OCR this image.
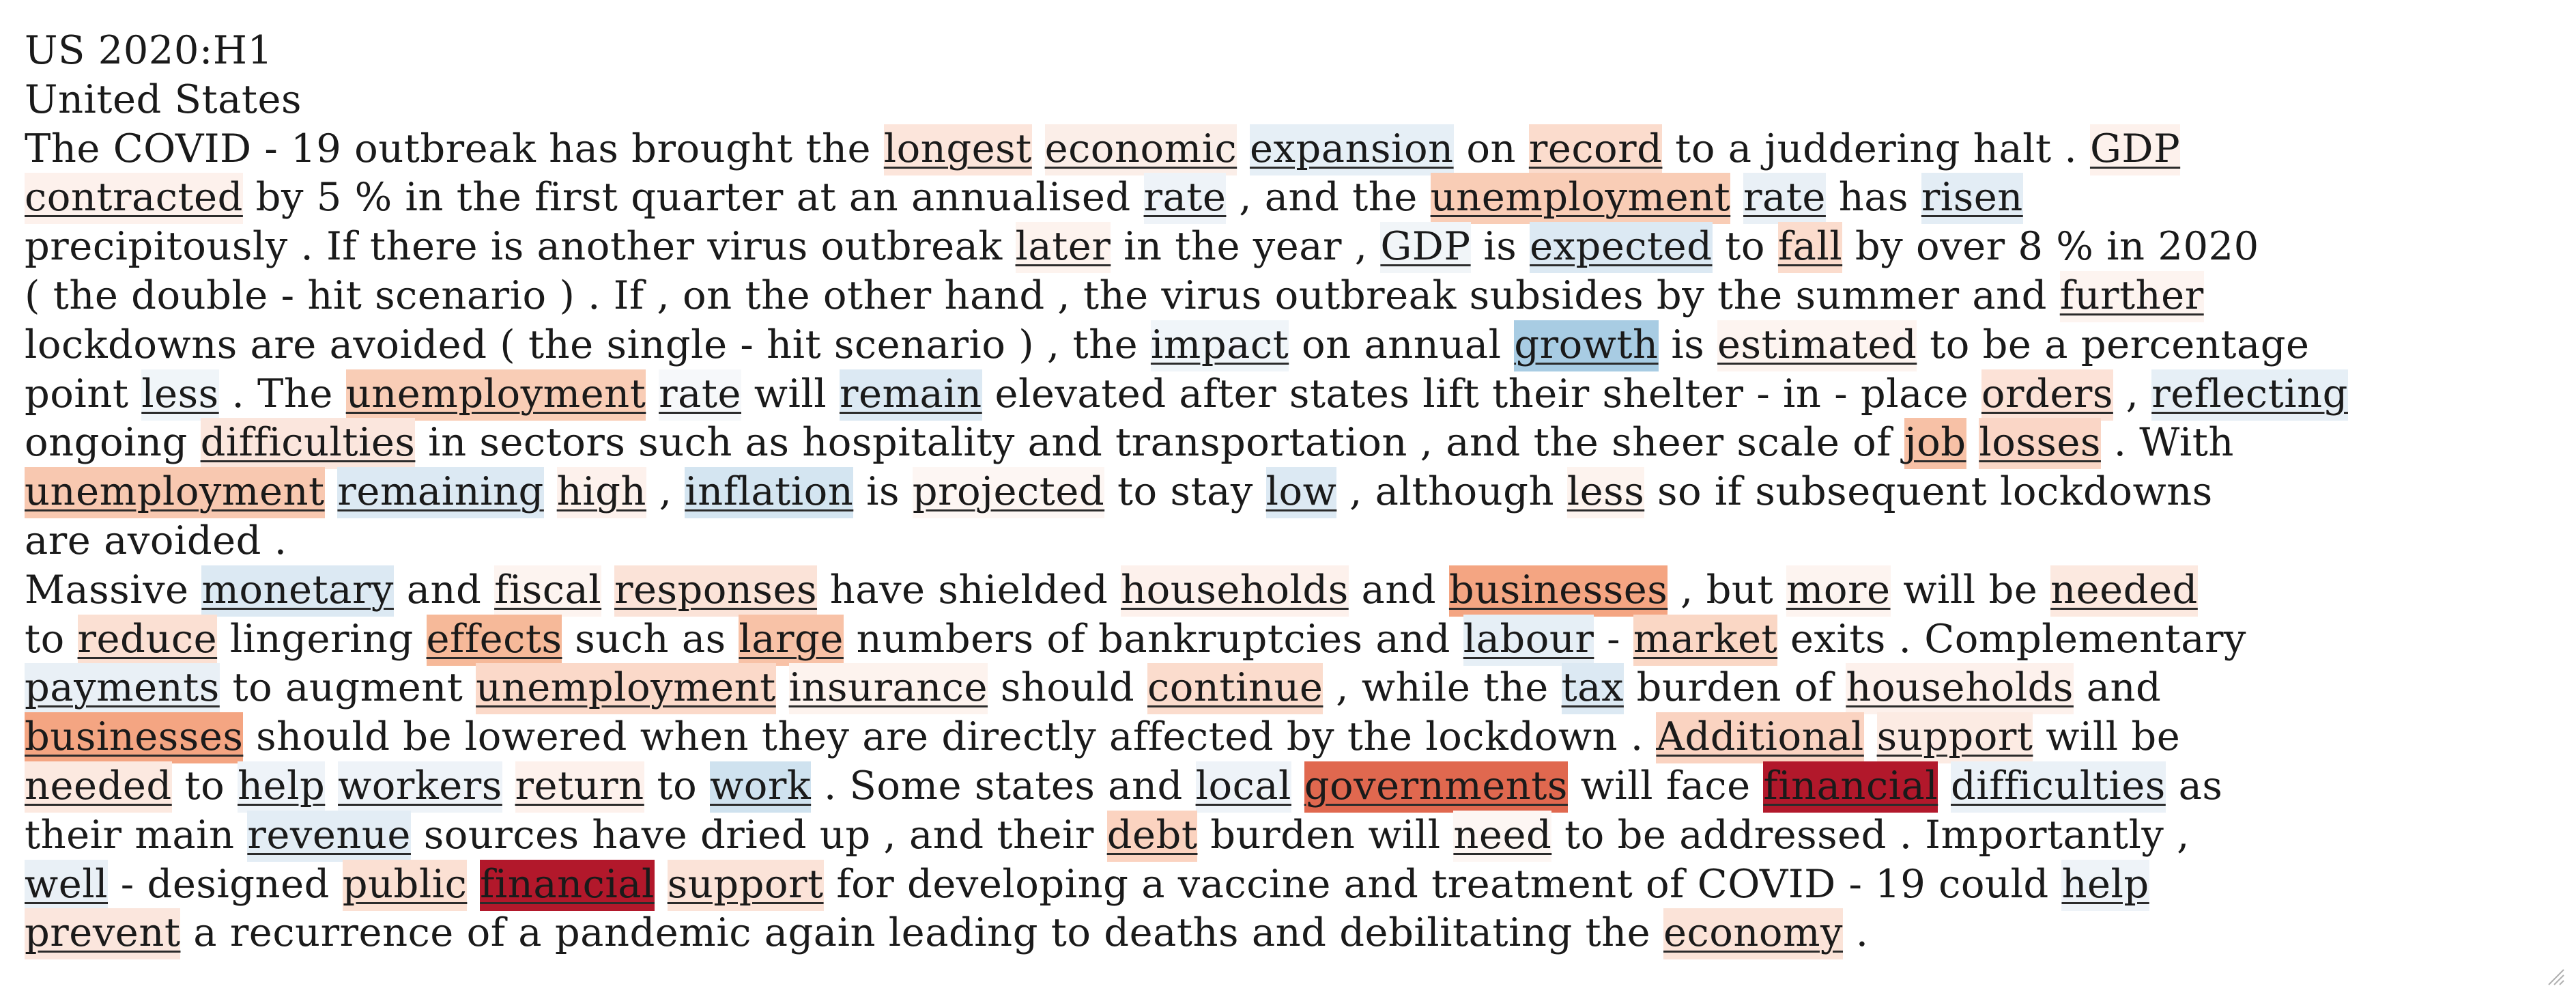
US 2020:H1
United States
The COVID - 19 outbreak has brought the longest economic expansion on record to a juddering halt . GDP
contracted by 5 % in the first quarter at an annualised rate , and the unemployment rate has risen
precipitously . If there is another virus outbreak later in the year , GDP is expected to fall by over 8 % in 2020
( the double - hit scenario ) . If , on the other hand , the virus outbreak subsides by the summer and further
lockdowns are avoided ( the single - hit scenario ) , the impact on annual growth is estimated to be a percentage
point less . The unemployment rate will remain elevated after states lift their shelter - in - place orders , reflecting
ongoing difficulties in sectors such as hospitality and transportation , and the sheer scale of job losses . With
unemployment remaining high , inflation is projected to stay low , although less so if subsequent lockdowns
are avoided .
Massive monetary and fiscal responses have shielded households and businesses , but more will be needed
to reduce lingering effects such as large numbers of bankruptcies and labour - market exits . Complementary
payments to augment unemployment insurance should continue , while the tax burden of households and
businesses should be lowered when they are directly affected by the lockdown . Additional support will be
needed to help workers return to work . Some states and local governments will face financial difficulties as
their main revenue sources have dried up , and their debt burden will need to be addressed . Importantly ,
well - designed public financial support for developing a vaccine and treatment of COVID - 19 could help
prevent a recurrence of a pandemic again leading to deaths and debilitating the economy .
